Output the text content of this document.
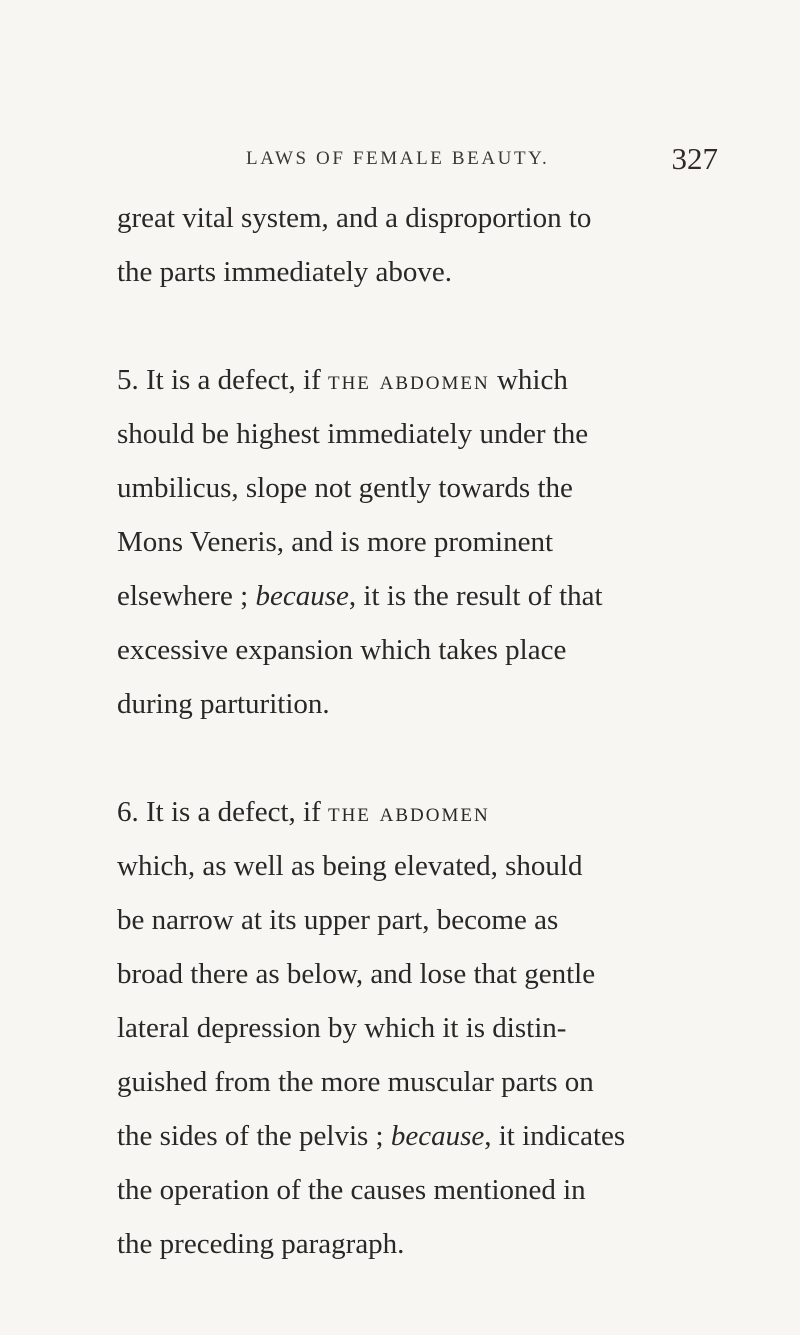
LAWS OF FEMALE BEAUTY.	327
great vital system, and a disproportion to
the parts immediately above.
5. It is a defect, if the abdomen which
should be highest immediately under the
umbilicus, slope not gently towards the
Mons Veneris, and is more prominent
elsewhere ; because, it is the result of that
excessive expansion which takes place
during parturition.
6. It is a defect, if the abdomen
which, as well as being elevated, should
be narrow at its upper part, become as
broad there as below, and lose that gentle
lateral depression by which it is distin-
guished from the more muscular parts on
the sides of the pelvis ; because, it indicates
the operation of the causes mentioned in
the preceding paragraph.
